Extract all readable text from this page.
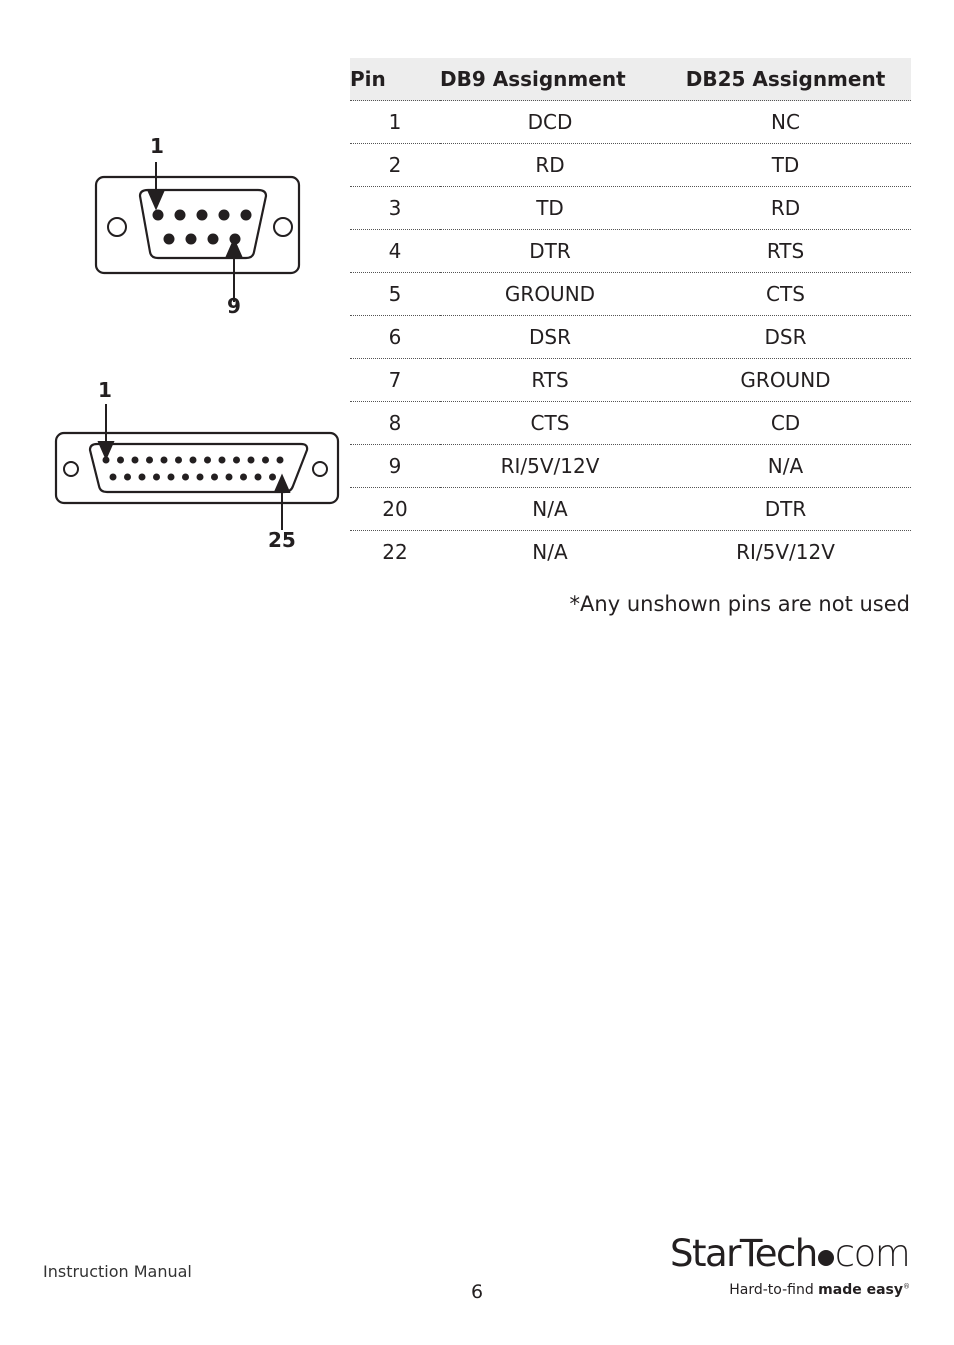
1
9
1
25
Pin	DB9 Assignment	DB25 Assignment
1	DCD	NC
2	RD	TD
3	TD	RD
4	DTR	RTS
5	GROUND	CTS
6	DSR	DSR
7	RTS	GROUND
8	CTS	CD
9	RI/5V/12V	N/A
20	N/A	DTR
22	N/A	RI/5V/12V
*Any unshown pins are not used
Instruction Manual
6
StarTech com
Hard-to-find made easy®
